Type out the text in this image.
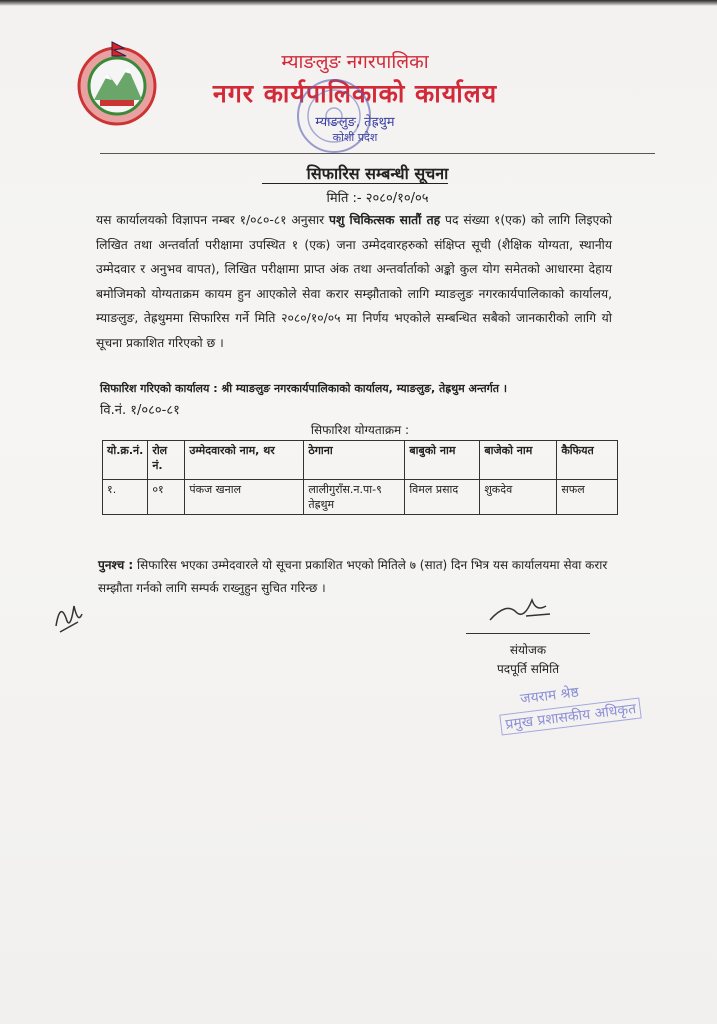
म्याङलुङ नगरपालिका
नगर कार्यपालिकाको कार्यालय
म्याङलुङ, तेह्रथुम
कोशी प्रदेश
सिफारिस सम्बन्धी सूचना
मिति :- २०८०/१०/०५
यस कार्यालयको विज्ञापन नम्बर १/०८०-८१ अनुसार पशु चिकित्सक सातौं तह पद संख्या १(एक) को लागि लिइएको लिखित तथा अन्तर्वार्ता परीक्षामा उपस्थित १ (एक) जना उम्मेदवारहरुको संक्षिप्त सूची (शैक्षिक योग्यता, स्थानीय उम्मेदवार र अनुभव वापत), लिखित परीक्षामा प्राप्त अंक तथा अन्तर्वार्ताको अङ्को कुल योग समेतको आधारमा देहाय बमोजिमको योग्यताक्रम कायम हुन आएकोले सेवा करार सम्झौताको लागि म्याङलुङ नगरकार्यपालिकाको कार्यालय, म्याङलुङ, तेह्रथुममा सिफारिस गर्ने मिति २०८०/१०/०५ मा निर्णय भएकोले सम्बन्धित सबैको जानकारीको लागि यो सूचना प्रकाशित गरिएको छ ।
सिफारिश गरिएको कार्यालय : श्री म्याङलुङ नगरकार्यपालिकाको कार्यालय, म्याङलुङ, तेह्रथुम अन्तर्गत ।
वि.नं. १/०८०-८१
सिफारिश योग्यताक्रम :
यो.क्र.नं.	रोल नं.	उम्मेदवारको नाम, थर	ठेगाना	बाबुको नाम	बाजेको नाम	कैफियत
१.	०१	पंकज खनाल	लालीगुराँस.न.पा-९ तेह्रथुम	विमल प्रसाद	शुकदेव	सफल
पुनश्च : सिफारिस भएका उम्मेदवारले यो सूचना प्रकाशित भएको मितिले ७ (सात) दिन भित्र यस कार्यालयमा सेवा करार सम्झौता गर्नको लागि सम्पर्क राख्नुहुन सुचित गरिन्छ ।
संयोजक
पदपूर्ति समिति
जयराम श्रेष्ठ
प्रमुख प्रशासकीय अधिकृत
